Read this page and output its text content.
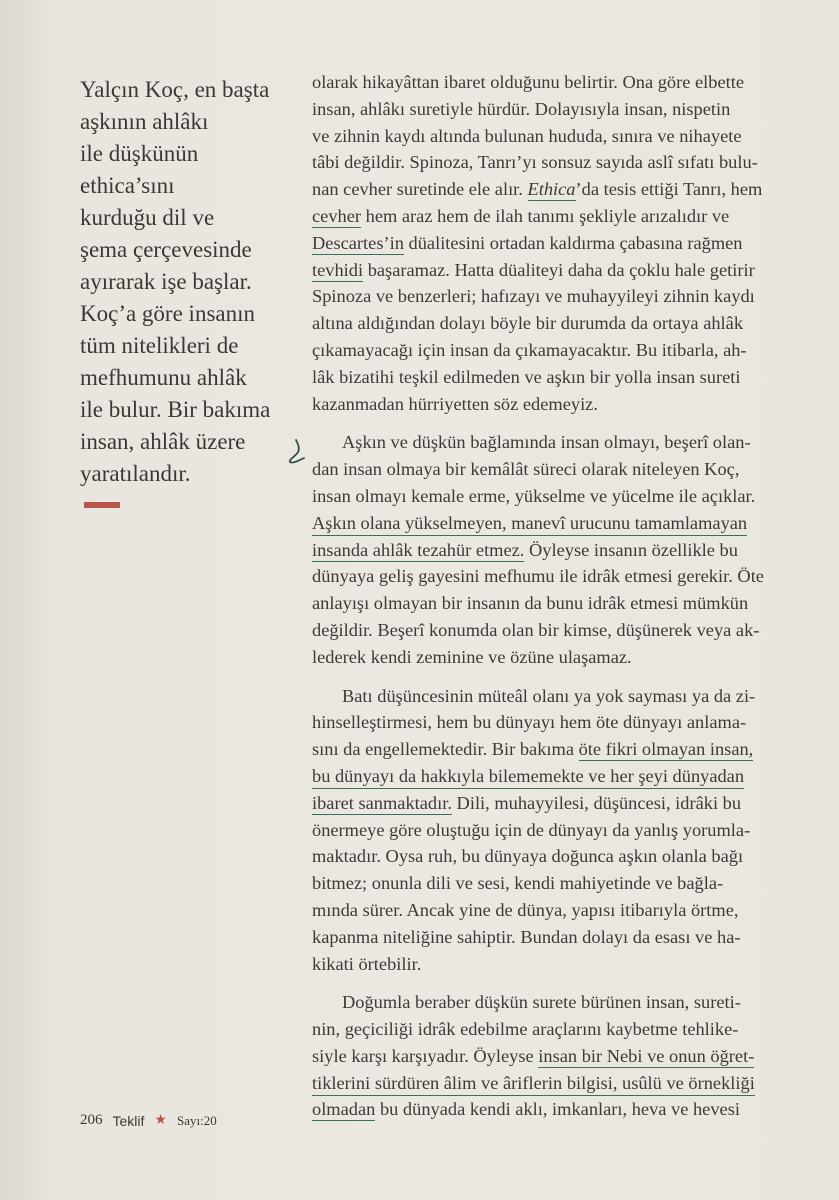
Yalçın Koç, en başta
aşkının ahlâkı
ile düşkünün
ethica’sını
kurduğu dil ve
şema çerçevesinde
ayırarak işe başlar.
Koç’a göre insanın
tüm nitelikleri de
mefhumunu ahlâk
ile bulur. Bir bakıma
insan, ahlâk üzere
yaratılandır.
olarak hikayâttan ibaret olduğunu belirtir. Ona göre elbette
insan, ahlâkı suretiyle hürdür. Dolayısıyla insan, nispetin
ve zihnin kaydı altında bulunan hududa, sınıra ve nihayete
tâbi değildir. Spinoza, Tanrı’yı sonsuz sayıda aslî sıfatı bulu-
nan cevher suretinde ele alır. Ethica’da tesis ettiği Tanrı, hem
cevher hem araz hem de ilah tanımı şekliyle arızalıdır ve
Descartes’in düalitesini ortadan kaldırma çabasına rağmen
tevhidi başaramaz. Hatta düaliteyi daha da çoklu hale getirir
Spinoza ve benzerleri; hafızayı ve muhayyileyi zihnin kaydı
altına aldığından dolayı böyle bir durumda da ortaya ahlâk
çıkamayacağı için insan da çıkamayacaktır. Bu itibarla, ah-
lâk bizatihi teşkil edilmeden ve aşkın bir yolla insan sureti
kazanmadan hürriyetten söz edemeyiz.
Aşkın ve düşkün bağlamında insan olmayı, beşerî olan-
dan insan olmaya bir kemâlât süreci olarak niteleyen Koç,
insan olmayı kemale erme, yükselme ve yücelme ile açıklar.
Aşkın olana yükselmeyen, manevî urucunu tamamlamayan
insanda ahlâk tezahür etmez. Öyleyse insanın özellikle bu
dünyaya geliş gayesini mefhumu ile idrâk etmesi gerekir. Öte
anlayışı olmayan bir insanın da bunu idrâk etmesi mümkün
değildir. Beşerî konumda olan bir kimse, düşünerek veya ak-
lederek kendi zeminine ve özüne ulaşamaz.
Batı düşüncesinin müteâl olanı ya yok sayması ya da zi-
hinselleştirmesi, hem bu dünyayı hem öte dünyayı anlama-
sını da engellemektedir. Bir bakıma öte fikri olmayan insan,
bu dünyayı da hakkıyla bilememekte ve her şeyi dünyadan
ibaret sanmaktadır. Dili, muhayyilesi, düşüncesi, idrâki bu
önermeye göre oluştuğu için de dünyayı da yanlış yorumla-
maktadır. Oysa ruh, bu dünyaya doğunca aşkın olanla bağı
bitmez; onunla dili ve sesi, kendi mahiyetinde ve bağla-
mında sürer. Ancak yine de dünya, yapısı itibarıyla örtme,
kapanma niteliğine sahiptir. Bundan dolayı da esası ve ha-
kikati örtebilir.
Doğumla beraber düşkün surete bürünen insan, sureti-
nin, geçiciliği idrâk edebilme araçlarını kaybetme tehlike-
siyle karşı karşıyadır. Öyleyse insan bir Nebi ve onun öğret-
tiklerini sürdüren âlim ve âriflerin bilgisi, usûlü ve örnekliği
olmadan bu dünyada kendi aklı, imkanları, heva ve hevesi
206 Teklif ★ Sayı:20
